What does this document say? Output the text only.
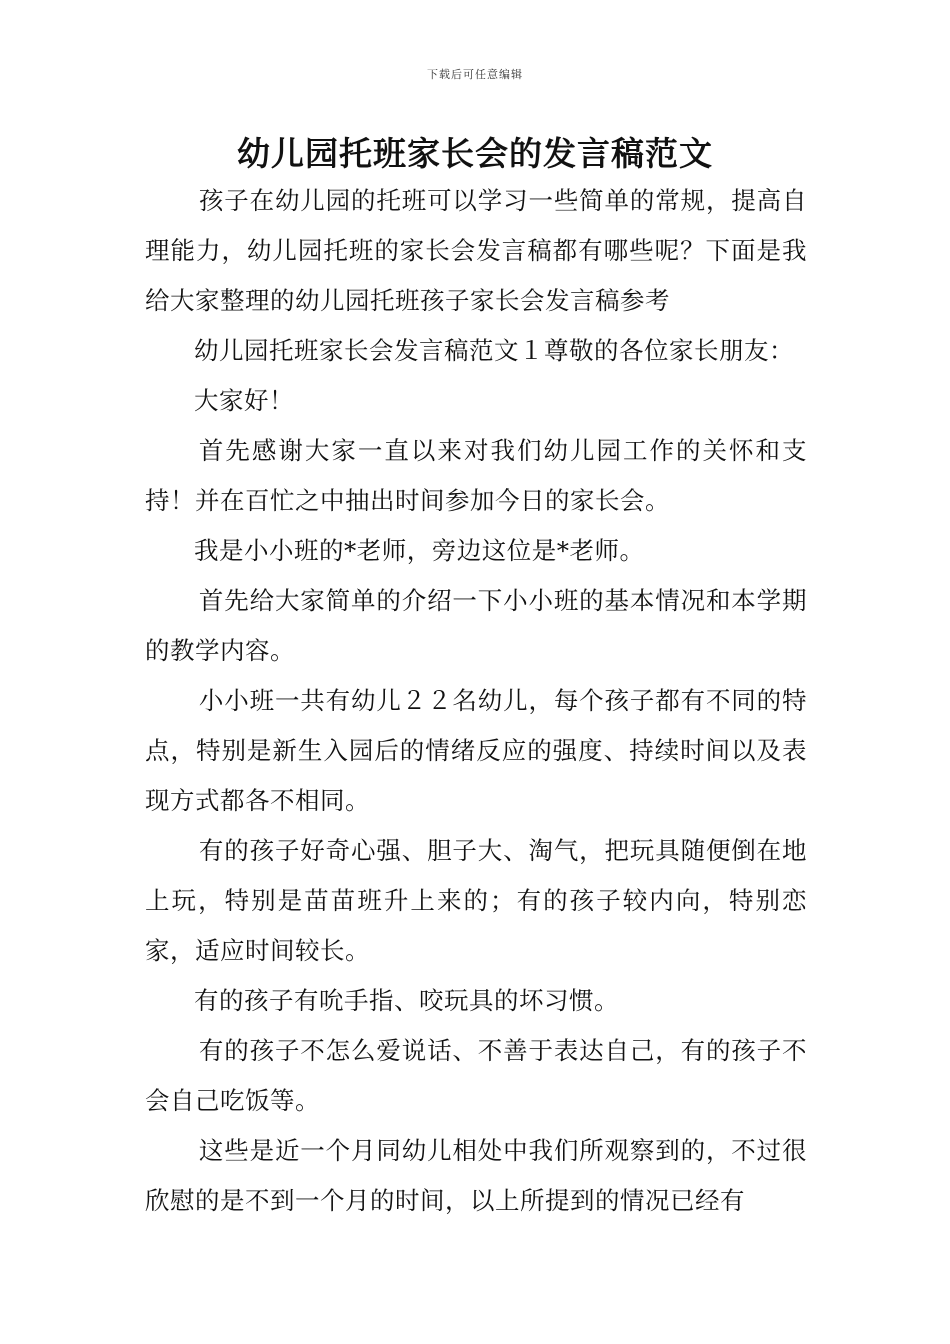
下载后可任意编辑
幼儿园托班家长会的发言稿范文

孩子在幼儿园的托班可以学习一些简单的常规，提高自理能力，幼儿园托班的家长会发言稿都有哪些呢？下面是我给大家整理的幼儿园托班孩子家长会发言稿参考

幼儿园托班家长会发言稿范文１尊敬的各位家长朋友：

大家好！

首先感谢大家一直以来对我们幼儿园工作的关怀和支持！并在百忙之中抽出时间参加今日的家长会。

我是小小班的*老师，旁边这位是*老师。

首先给大家简单的介绍一下小小班的基本情况和本学期的教学内容。

小小班一共有幼儿２２名幼儿，每个孩子都有不同的特点，特别是新生入园后的情绪反应的强度、持续时间以及表现方式都各不相同。

有的孩子好奇心强、胆子大、淘气，把玩具随便倒在地上玩，特别是苗苗班升上来的；有的孩子较内向，特别恋家，适应时间较长。

有的孩子有吮手指、咬玩具的坏习惯。

有的孩子不怎么爱说话、不善于表达自己，有的孩子不会自己吃饭等。

这些是近一个月同幼儿相处中我们所观察到的，不过很欣慰的是不到一个月的时间，以上所提到的情况已经有
